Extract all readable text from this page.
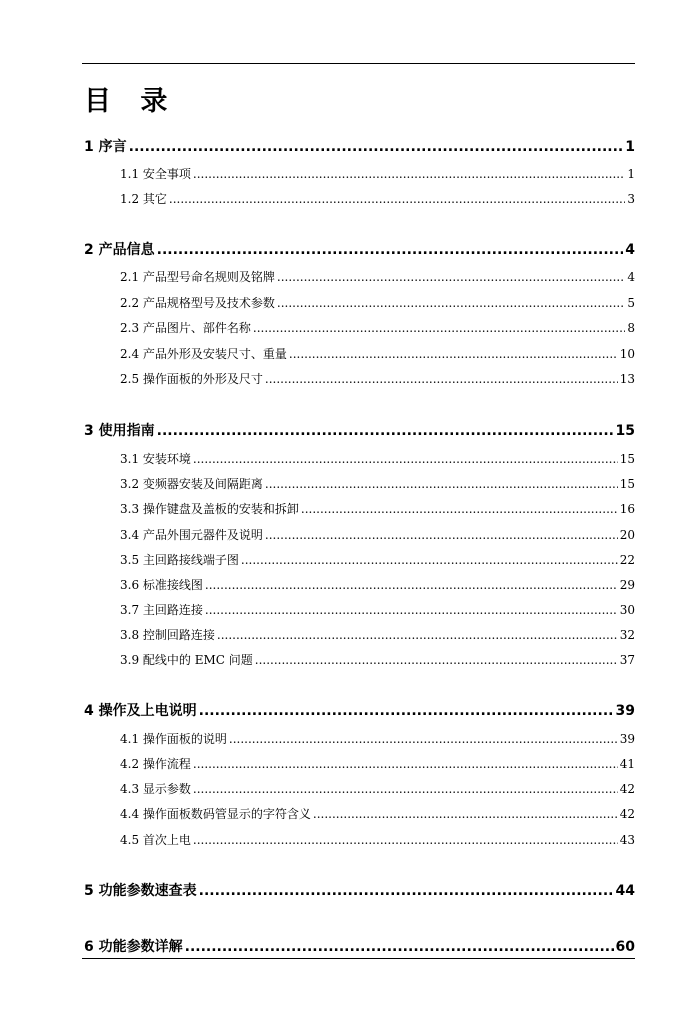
目 录
1 序言 .....	1
1.1 安全事项 .....	1
1.2 其它 .....	3
2 产品信息 .....	4
2.1 产品型号命名规则及铭牌 .....	4
2.2 产品规格型号及技术参数 .....	5
2.3 产品图片、部件名称 .....	8
2.4 产品外形及安装尺寸、重量 .....	10
2.5 操作面板的外形及尺寸 .....	13
3 使用指南 .....	15
3.1 安装环境 .....	15
3.2 变频器安装及间隔距离 .....	15
3.3 操作键盘及盖板的安装和拆卸 .....	16
3.4 产品外围元器件及说明 .....	20
3.5 主回路接线端子图 .....	22
3.6 标准接线图 .....	29
3.7 主回路连接 .....	30
3.8 控制回路连接 .....	32
3.9 配线中的 EMC 问题 .....	37
4 操作及上电说明 .....	39
4.1 操作面板的说明 .....	39
4.2 操作流程 .....	41
4.3 显示参数 .....	42
4.4 操作面板数码管显示的字符含义 .....	42
4.5 首次上电 .....	43
5 功能参数速查表 .....	44
6 功能参数详解 .....	60
